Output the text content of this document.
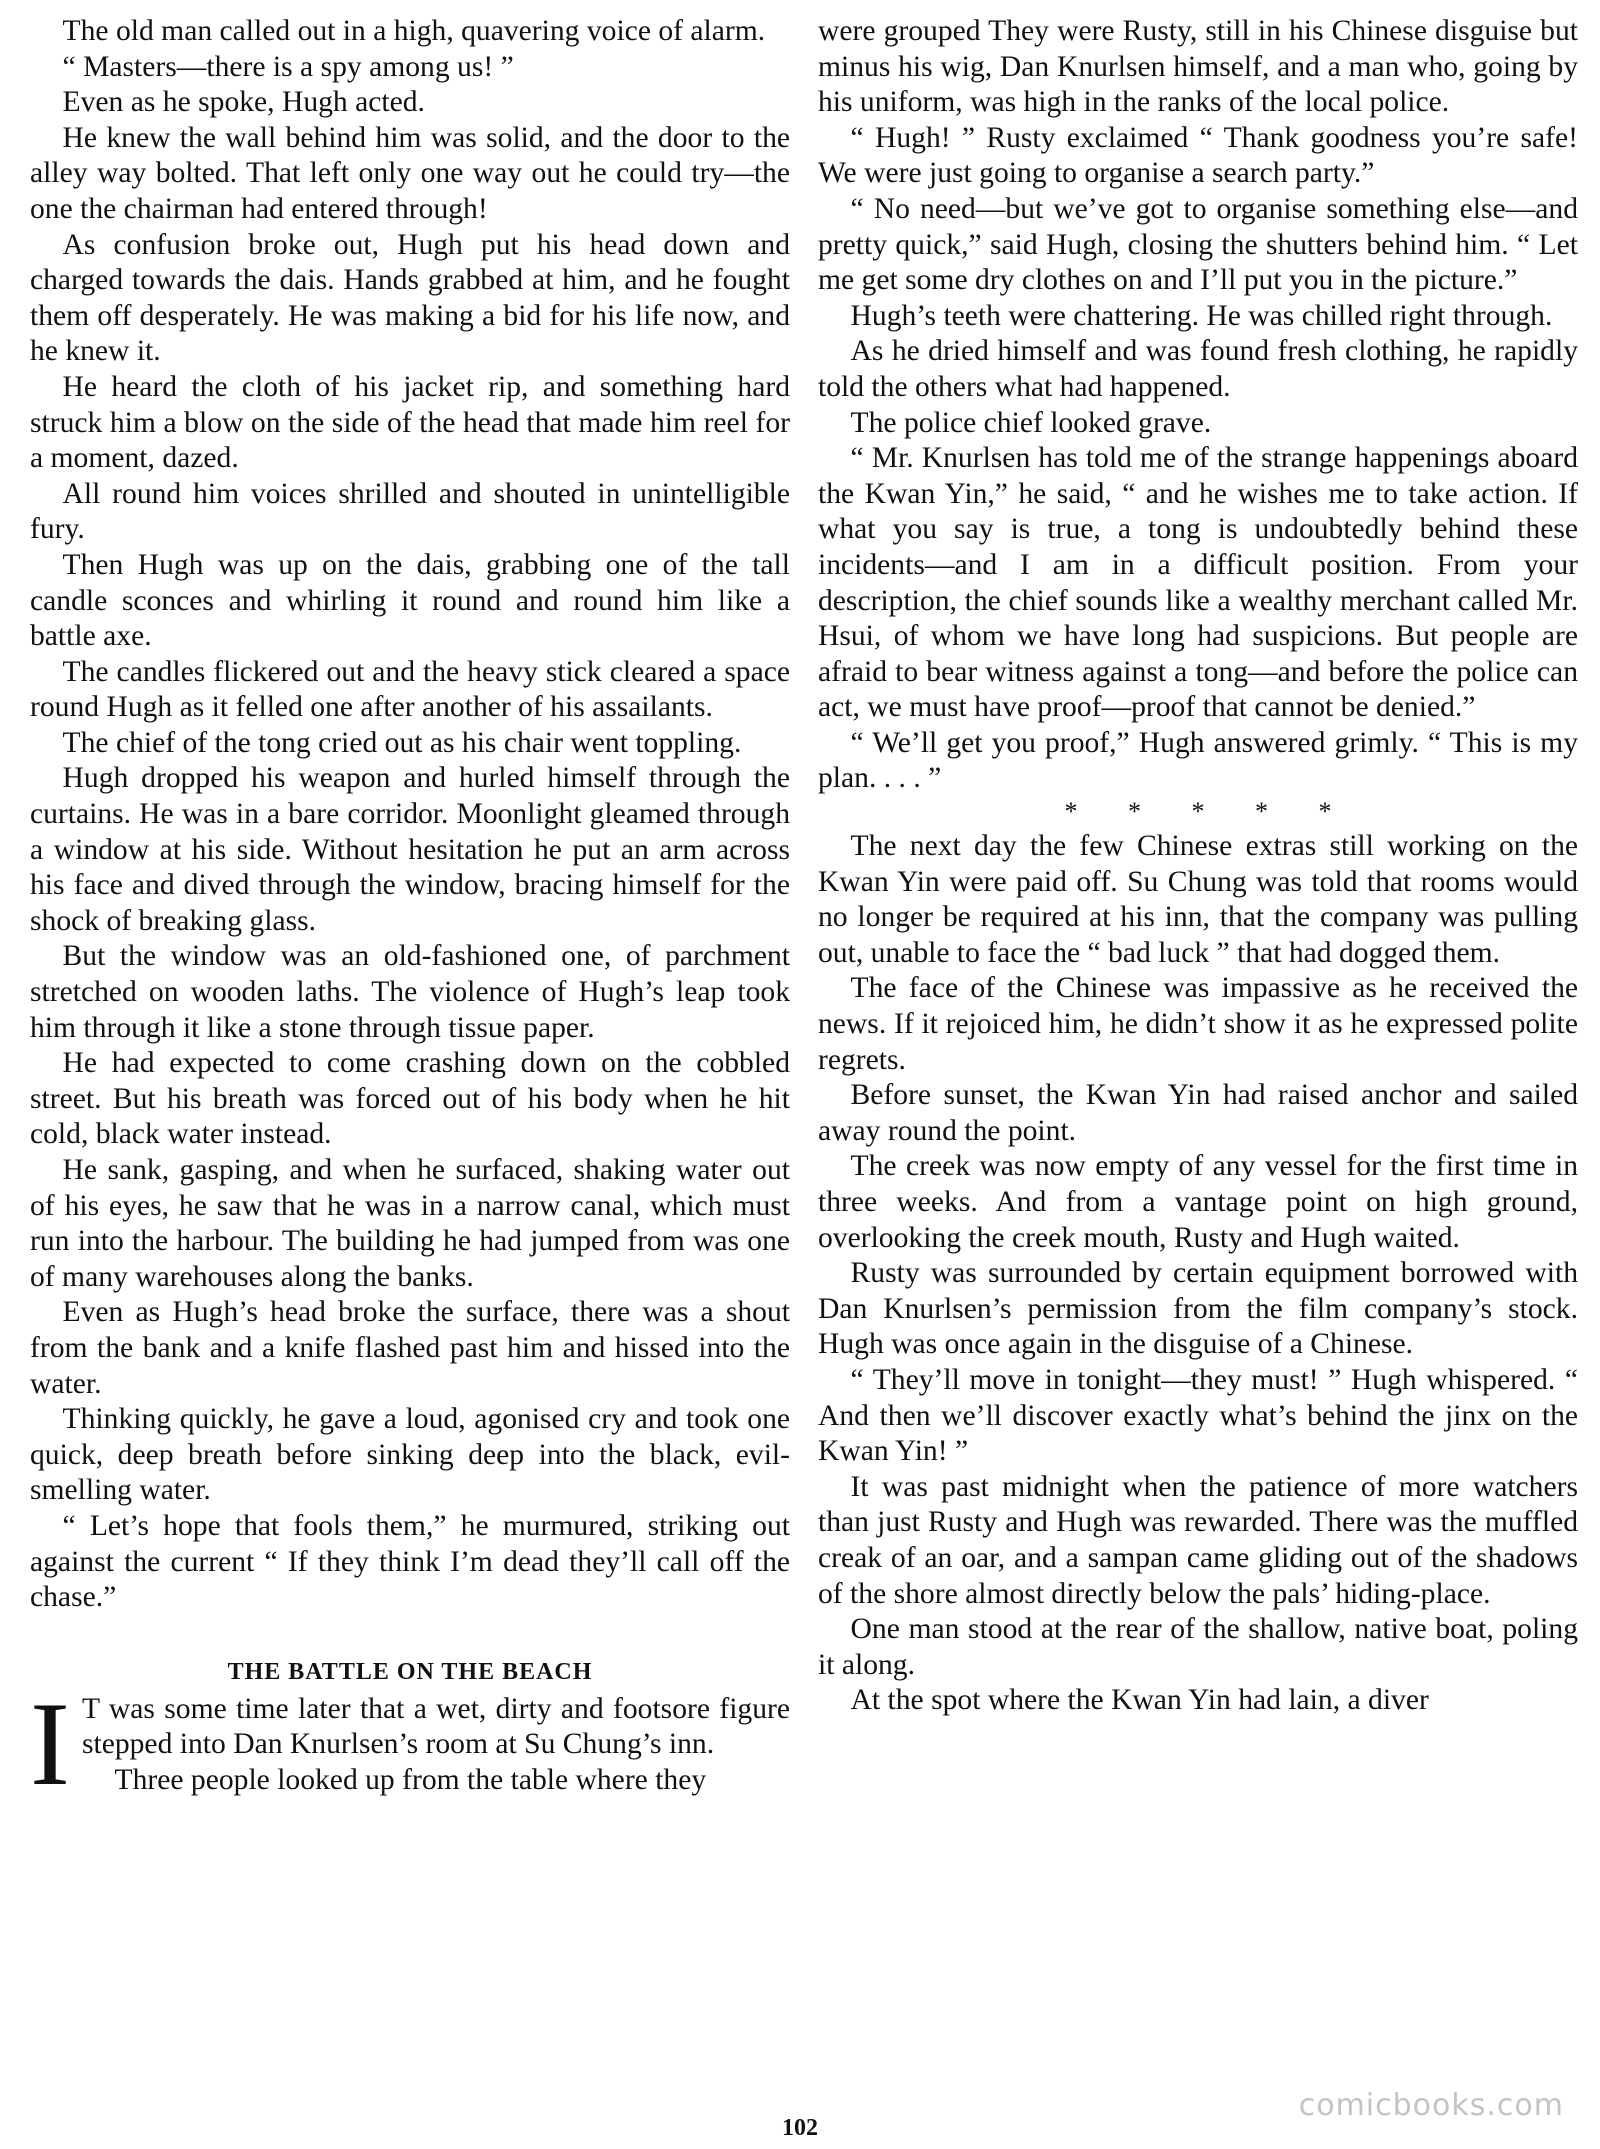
The old man called out in a high, quavering voice of alarm.

“ Masters—there is a spy among us! ”

Even as he spoke, Hugh acted.

He knew the wall behind him was solid, and the door to the alley way bolted. That left only one way out he could try—the one the chairman had entered through!

As confusion broke out, Hugh put his head down and charged towards the dais. Hands grabbed at him, and he fought them off desperately. He was making a bid for his life now, and he knew it.

He heard the cloth of his jacket rip, and something hard struck him a blow on the side of the head that made him reel for a moment, dazed.

All round him voices shrilled and shouted in unintelligible fury.

Then Hugh was up on the dais, grabbing one of the tall candle sconces and whirling it round and round him like a battle axe.

The candles flickered out and the heavy stick cleared a space round Hugh as it felled one after another of his assailants.

The chief of the tong cried out as his chair went toppling.

Hugh dropped his weapon and hurled himself through the curtains. He was in a bare corridor. Moonlight gleamed through a window at his side. Without hesitation he put an arm across his face and dived through the window, bracing himself for the shock of breaking glass.

But the window was an old-fashioned one, of parchment stretched on wooden laths. The violence of Hugh’s leap took him through it like a stone through tissue paper.

He had expected to come crashing down on the cobbled street. But his breath was forced out of his body when he hit cold, black water instead.

He sank, gasping, and when he surfaced, shaking water out of his eyes, he saw that he was in a narrow canal, which must run into the harbour. The building he had jumped from was one of many warehouses along the banks.

Even as Hugh’s head broke the surface, there was a shout from the bank and a knife flashed past him and hissed into the water.

Thinking quickly, he gave a loud, agonised cry and took one quick, deep breath before sinking deep into the black, evil-smelling water.

“ Let’s hope that fools them,” he murmured, striking out against the current “ If they think I’m dead they’ll call off the chase.”

THE BATTLE ON THE BEACH

I T was some time later that a wet, dirty and footsore figure stepped into Dan Knurlsen’s room at Su Chung’s inn.

Three people looked up from the table where they

were grouped They were Rusty, still in his Chinese disguise but minus his wig, Dan Knurlsen himself, and a man who, going by his uniform, was high in the ranks of the local police.

“ Hugh! ” Rusty exclaimed “ Thank goodness you’re safe! We were just going to organise a search party.”

“ No need—but we’ve got to organise something else—and pretty quick,” said Hugh, closing the shutters behind him. “ Let me get some dry clothes on and I’ll put you in the picture.”

Hugh’s teeth were chattering. He was chilled right through.

As he dried himself and was found fresh clothing, he rapidly told the others what had happened.

The police chief looked grave.

“ Mr. Knurlsen has told me of the strange happenings aboard the Kwan Yin,” he said, “ and he wishes me to take action. If what you say is true, a tong is undoubtedly behind these incidents—and I am in a difficult position. From your description, the chief sounds like a wealthy merchant called Mr. Hsui, of whom we have long had suspicions. But people are afraid to bear witness against a tong—and before the police can act, we must have proof—proof that cannot be denied.”

“ We’ll get you proof,” Hugh answered grimly. “ This is my plan. . . . ”

* * * * *

The next day the few Chinese extras still working on the Kwan Yin were paid off. Su Chung was told that rooms would no longer be required at his inn, that the company was pulling out, unable to face the “ bad luck ” that had dogged them.

The face of the Chinese was impassive as he received the news. If it rejoiced him, he didn’t show it as he expressed polite regrets.

Before sunset, the Kwan Yin had raised anchor and sailed away round the point.

The creek was now empty of any vessel for the first time in three weeks. And from a vantage point on high ground, overlooking the creek mouth, Rusty and Hugh waited.

Rusty was surrounded by certain equipment borrowed with Dan Knurlsen’s permission from the film company’s stock. Hugh was once again in the disguise of a Chinese.

“ They’ll move in tonight—they must! ” Hugh whispered. “ And then we’ll discover exactly what’s behind the jinx on the Kwan Yin! ”

It was past midnight when the patience of more watchers than just Rusty and Hugh was rewarded. There was the muffled creak of an oar, and a sampan came gliding out of the shadows of the shore almost directly below the pals’ hiding-place.

One man stood at the rear of the shallow, native boat, poling it along.

At the spot where the Kwan Yin had lain, a diver

102
comicbooks.com
